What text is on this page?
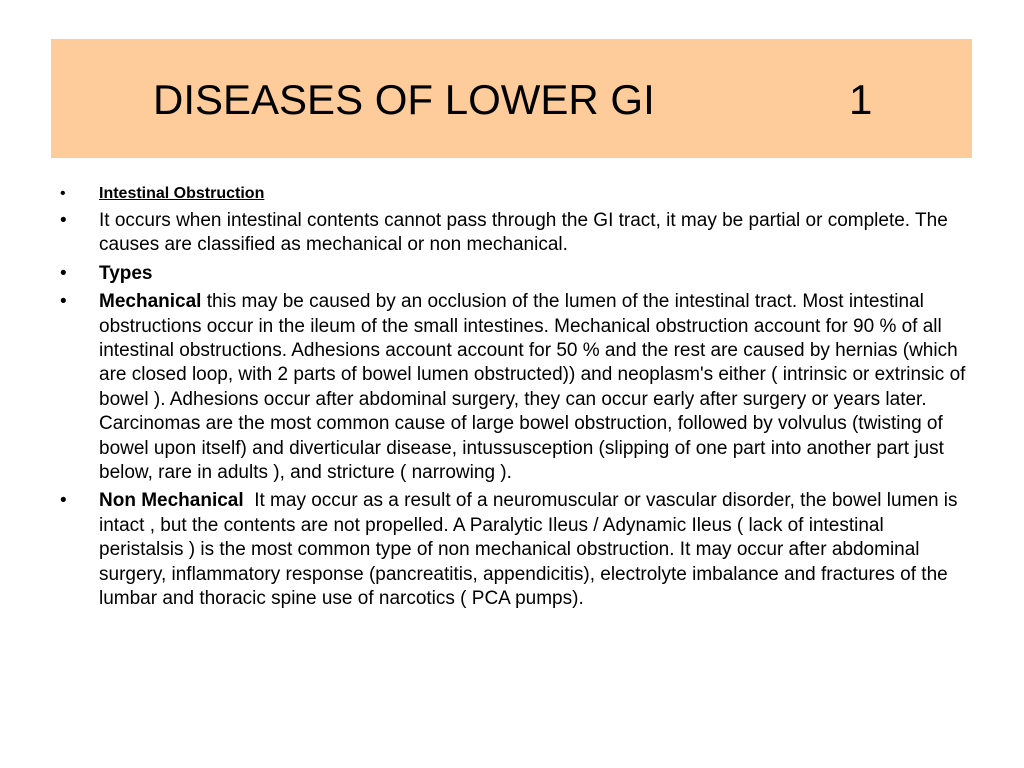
DISEASES OF LOWER GI	1
• Intestinal Obstruction
• It occurs when intestinal contents cannot pass through the GI tract, it may be partial or complete. The causes are classified as mechanical or non mechanical.
• Types
• Mechanical this may be caused by an occlusion of the lumen of the intestinal tract. Most intestinal obstructions occur in the ileum of the small intestines. Mechanical obstruction account for 90 % of all intestinal obstructions. Adhesions account account for 50 % and the rest are caused by hernias (which are closed loop, with 2 parts of bowel lumen obstructed)) and neoplasm's either ( intrinsic or extrinsic of bowel ). Adhesions occur after abdominal surgery, they can occur early after surgery or years later. Carcinomas are the most common cause of large bowel obstruction, followed by volvulus (twisting of bowel upon itself) and diverticular disease, intussusception (slipping of one part into another part just below, rare in adults ), and stricture ( narrowing ).
• Non Mechanical  It may occur as a result of a neuromuscular or vascular disorder, the bowel lumen is intact , but the contents are not propelled. A Paralytic Ileus / Adynamic Ileus ( lack of intestinal peristalsis ) is the most common type of non mechanical obstruction. It may occur after abdominal surgery, inflammatory response (pancreatitis, appendicitis), electrolyte imbalance and fractures of the lumbar and thoracic spine use of narcotics ( PCA pumps).
